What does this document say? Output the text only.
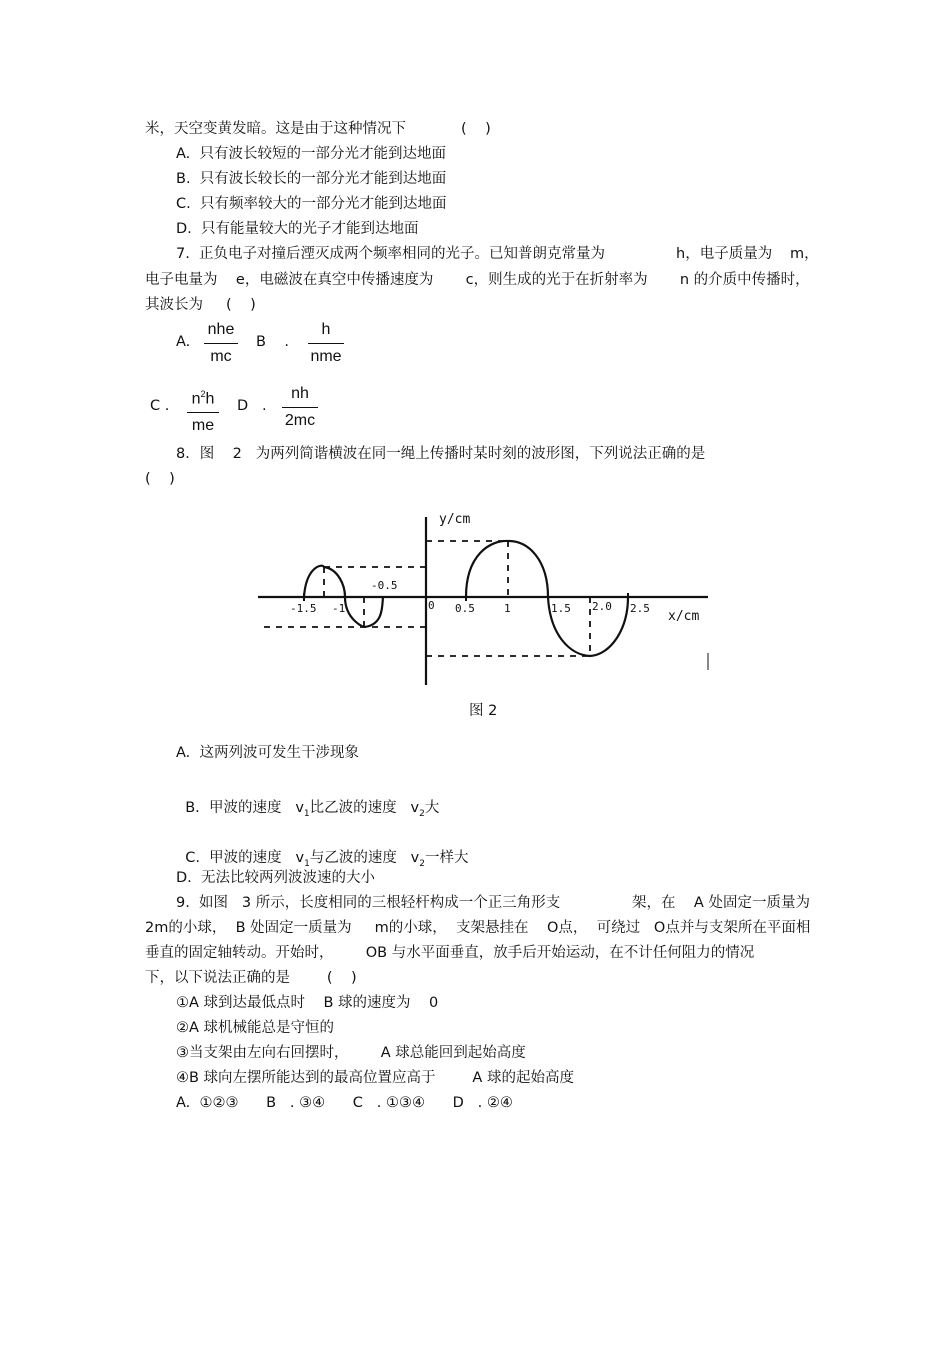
米，天空变黄发暗。这是由于这种情况下	(    )
A.  只有波长较短的一部分光才能到达地面
B.  只有波长较长的一部分光才能到达地面
C.  只有频率较大的一部分光才能到达地面
D.  只有能量较大的光子才能到达地面
7.  正负电子对撞后湮灭成两个频率相同的光子。已知普朗克常量为	h，电子质量为 m，
电子电量为    e，电磁波在真空中传播速度为       c，则生成的光于在折射率为       n 的介质中传播时，
其波长为     (    )
A.
nhe
mc
B    .
h
nme
C . $n^2h$
me
D   .
nh
2mc
8．图    2   为两列简谐横波在同一绳上传播时某时刻的波形图，下列说法正确的是
(    )
y/cm
x/cm
-1.5 -1
-0.5
0 0.5	1	1.5 2.0 2.5
图 2
A.  这两列波可发生干涉现象

B.  甲波的速度 $v_1$比乙波的速度 $v_2$大

C.  甲波的速度 $v_1$与乙波的速度 $v_2$一样大

D.  无法比较两列波波速的大小
9.  如图   3 所示，长度相同的三根轻杆构成一个正三角形支	架，在    A 处固定一质量为
2m的小球，  B 处固定一质量为     m的小球，  支架悬挂在    O点，  可绕过   O点并与支架所在平面相
垂直的固定轴转动。开始时，       OB 与水平面垂直，放手后开始运动，在不计任何阻力的情况
下，以下说法正确的是        (    )
①A 球到达最低点时    B 球的速度为    0
②A 球机械能总是守恒的
③当支架由左向右回摆时，       A 球总能回到起始高度
④B 球向左摆所能达到的最高位置应高于        A 球的起始高度
A.  ①②③      B   . ③④      C   . ①③④      D   . ②④
